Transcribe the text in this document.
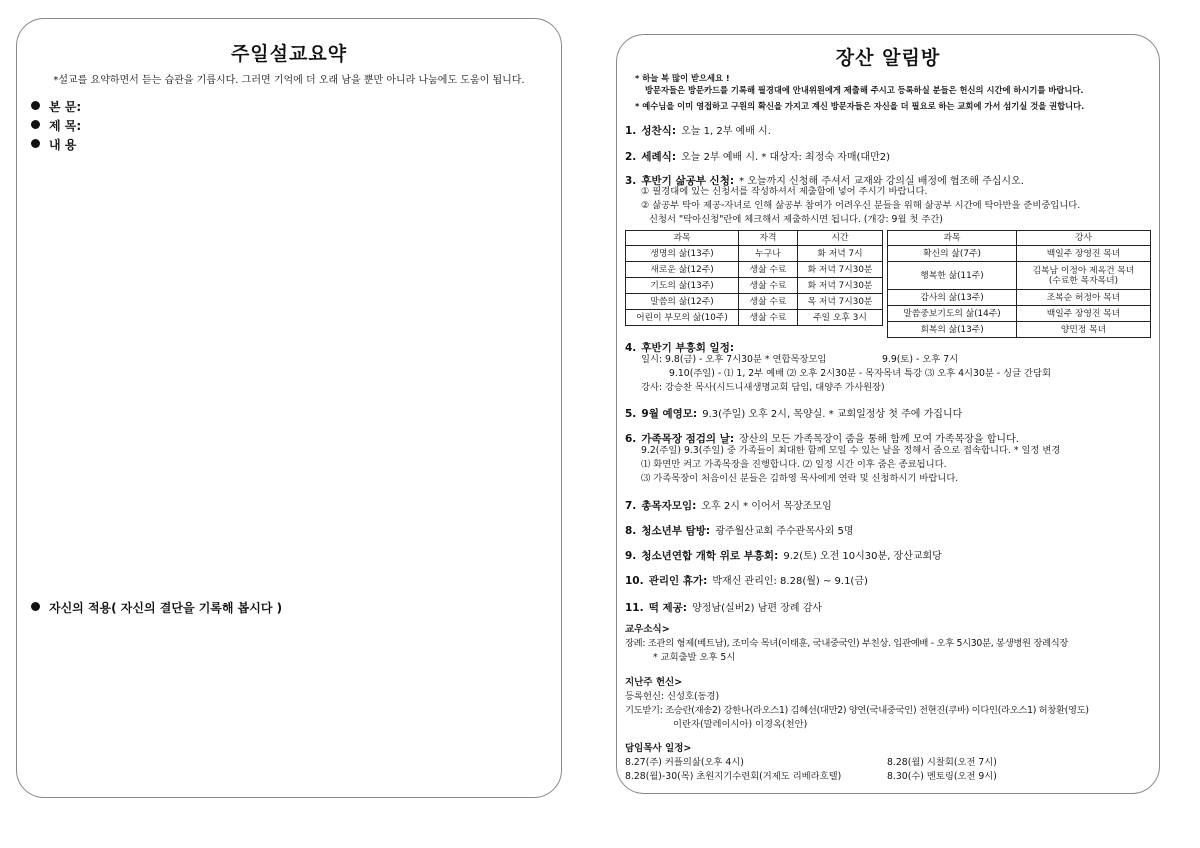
주일설교요약
*설교를 요약하면서 듣는 습관을 기릅시다. 그러면 기억에 더 오래 남을 뿐만 아니라 나눔에도 도움이 됩니다.
본 문:
제 목:
내 용
자신의 적용( 자신의 결단을 기록해 봅시다 )
장산 알림방
* 하늘 복 많이 받으세요 !
방문자들은 방문카드를 기록해 필경대에 안내위원에게 제출해 주시고 등록하실 분들은 헌신의 시간에 하시기를 바랍니다.
* 예수님을 이미 영접하고 구원의 확신을 가지고 계신 방문자들은 자신을 더 필요로 하는 교회에 가서 섬기실 것을 권합니다.
1. 성찬식: 오늘 1, 2부 예배 시.
2. 세례식: 오늘 2부 예배 시. * 대상자: 최정숙 자매(대만2)
3. 후반기 삶공부 신청: * 오늘까지 신청해 주셔서 교재와 강의실 배정에 협조해 주십시오.
① 필경대에 있는 신청서를 작성하셔서 제출함에 넣어 주시기 바랍니다.
② 삶공부 탁아 제공-자녀로 인해 삶공부 참여가 어려우신 분들을 위해 삶공부 시간에 탁아반을 준비중입니다.
신청서 "탁아신청"란에 체크해서 제출하시면 됩니다. (개강: 9월 첫 주간)
과목	자격	시간
생명의 삶(13주)	누구나	화 저녁 7시
새로운 삶(12주)	생삶 수료	화 저녁 7시30분
기도의 삶(13주)	생삶 수료	화 저녁 7시30분
말씀의 삶(12주)	생삶 수료	목 저녁 7시30분
어린이 부모의 삶(10주)	생삶 수료	주일 오후 3시
과목	강사
확신의 삶(7주)	백일주 장영진 목녀
행복한 삶(11주)	김복남 이정아 제옥건 목녀
(수료한 목자목녀)

감사의 삶(13주)	조복순 허정아 목녀
말씀중보기도의 삶(14주)	백일주 장영진 목녀
회복의 삶(13주)	양민정 목녀
4. 후반기 부흥회 일정:
일시: 9.8(금) - 오후 7시30분 * 연합목장모임	9.9(토) - 오후 7시
9.10(주일) - ⑴ 1, 2부 예배 ⑵ 오후 2시30분 - 목자목녀 특강 ⑶ 오후 4시30분 - 싱글 간담회
강사: 강승찬 목사(시드니새생명교회 담임, 대양주 가사원장)
5. 9월 예영모: 9.3(주일) 오후 2시, 목양실. * 교회일정상 첫 주에 가집니다
6. 가족목장 점검의 날: 장산의 모든 가족목장이 줌을 통해 함께 모여 가족목장을 합니다.
9.2(주일) 9.3(주일) 중 가족들이 최대한 함께 모일 수 있는 날을 정해서 줌으로 접속합니다. * 일정 변경
⑴ 화면만 켜고 가족목장을 진행합니다. ⑵ 일정 시간 이후 줌은 종료됩니다.
⑶ 가족목장이 처음이신 분들은 김하영 목사에게 연락 및 신청하시기 바랍니다.
7. 총목자모임: 오후 2시 * 이어서 목장조모임
8. 청소년부 탐방: 광주월산교회 주수관목사외 5명
9. 청소년연합 개학 위로 부흥회: 9.2(토) 오전 10시30분, 장산교회당
10. 관리인 휴가: 박재신 관리인: 8.28(월) ~ 9.1(금)
11. 떡 제공: 양정남(실버2) 남편 장례 감사
교우소식>
장례: 조관의 형제(베트남), 조미숙 목녀(이태훈, 국내중국인) 부친상. 입관예배 - 오후 5시30분, 봉생병원 장례식장
* 교회출발 오후 5시
지난주 헌신>
등록헌신: 신성호(동경)
기도받기: 조승란(재송2) 강한나(라오스1) 김혜선(대만2) 양연(국내중국인) 전현진(쿠바) 이다인(라오스1) 허창환(영도)
이란자(말레이시아) 이경옥(천안)
담임목사 일정>
8.27(주) 커플의삶(오후 4시)	8.28(월) 시찰회(오전 7시)
8.28(월)-30(목) 초원지기수련회(거제도 리베라호텔)	8.30(수) 멘토링(오전 9시)
